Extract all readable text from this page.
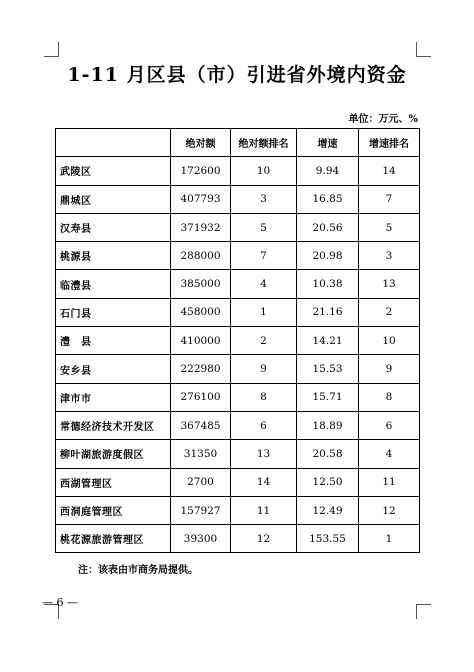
1-11 月区县（市）引进省外境内资金
单位：万元、%
	绝对额	绝对额排名	增速	增速排名
武陵区	172600	10	9.94	14
鼎城区	407793	3	16.85	7
汉寿县	371932	5	20.56	5
桃源县	288000	7	20.98	3
临澧县	385000	4	10.38	13
石门县	458000	1	21.16	2
澧　县	410000	2	14.21	10
安乡县	222980	9	15.53	9
津市市	276100	8	15.71	8
常德经济技术开发区	367485	6	18.89	6
柳叶湖旅游度假区	31350	13	20.58	4
西湖管理区	2700	14	12.50	11
西洞庭管理区	157927	11	12.49	12
桃花源旅游管理区	39300	12	153.55	1
注：该表由市商务局提供。
— 6 —
